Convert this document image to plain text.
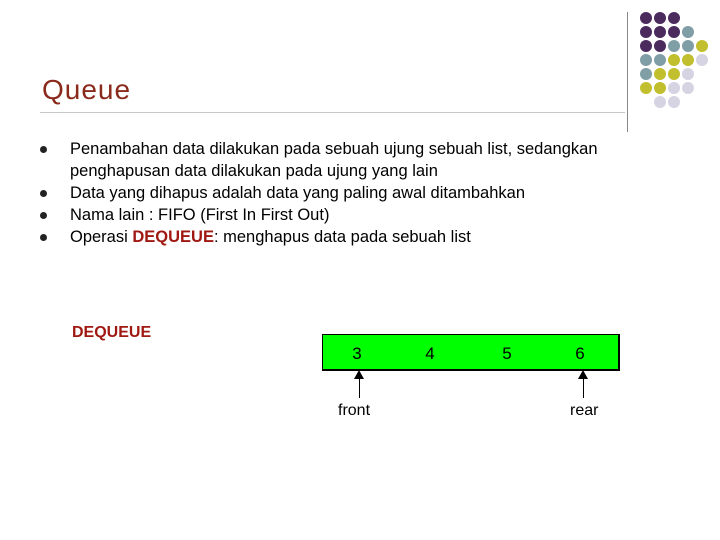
Queue
Penambahan data dilakukan pada sebuah ujung sebuah list, sedangkan penghapusan data dilakukan pada ujung yang lain
Data yang dihapus adalah data yang paling awal ditambahkan
Nama lain : FIFO (First In First Out)
Operasi DEQUEUE: menghapus data pada sebuah list
DEQUEUE
3	4	5	6
front	rear
